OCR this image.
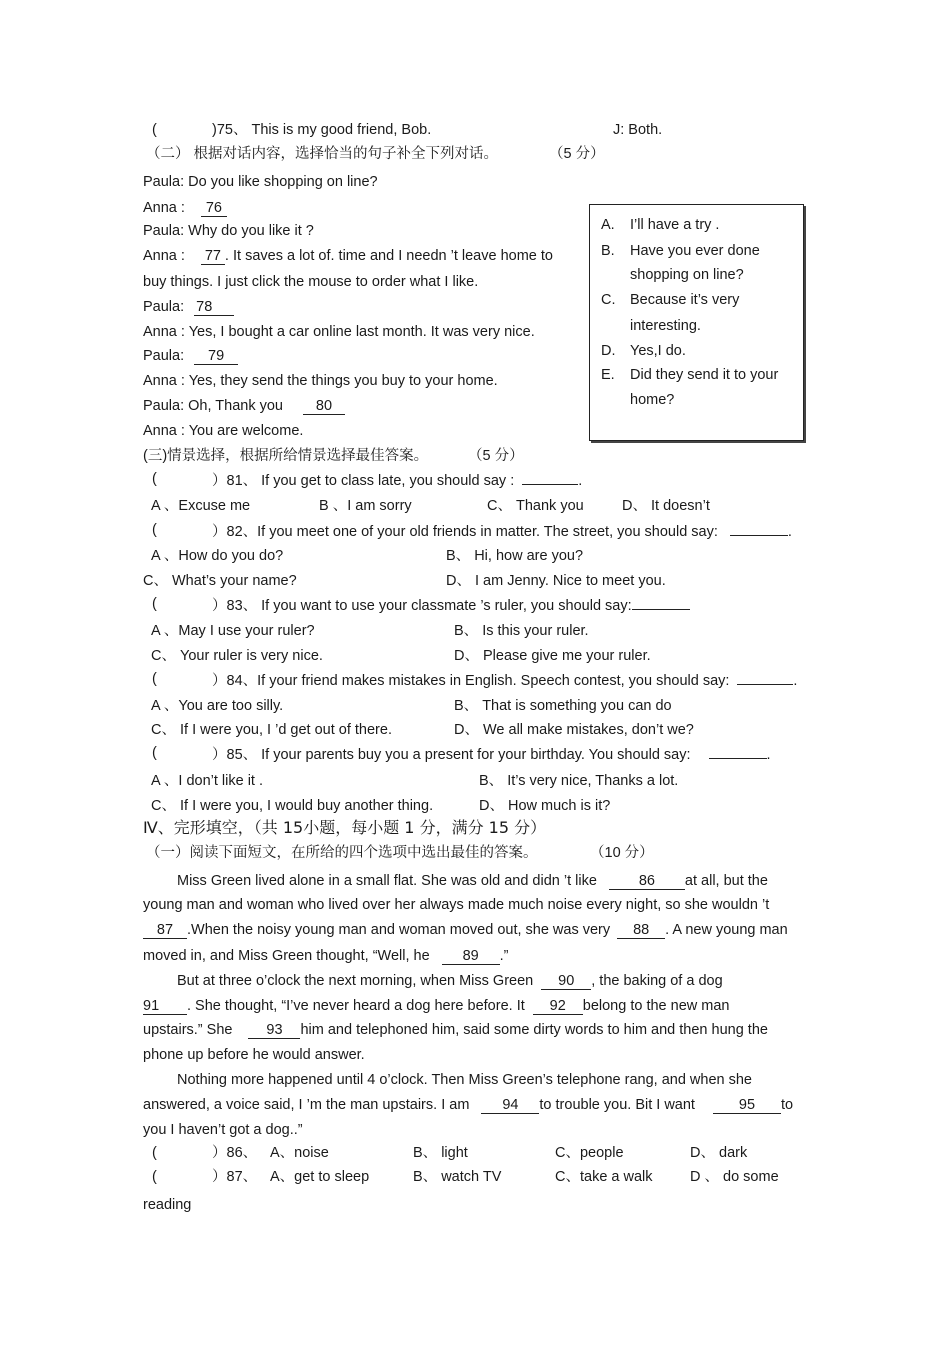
(	)75、 This is my good friend, Bob.	J: Both.
（二） 根据对话内容，选择恰当的句子补全下列对话。	（5 分）
Paula: Do you like shopping on line?
Anna : 76
Paula: Why do you like it ?
Anna : 77 . It saves a lot of. time and I needn ’t leave home to
buy things. I just click the mouse to order what I like.
Paula: 78
Anna : Yes, I bought a car online last month. It was very nice.
Paula: 79
Anna : Yes, they send the things you buy to your home.
Paula: Oh, Thank you 80
Anna : You are welcome.
A. I’ll have a try .
B. Have you ever done
shopping on line?
C. Because it’s very
interesting.
D. Yes,I do.
E. Did they send it to your
home?
(三)情景选择，根据所给情景选择最佳答案。	（5 分）
(	）81、 If you get to class late, you should say :	.
A 、Excuse me	B 、I am sorry	C、 Thank you	D、 It doesn’t
(	）82、If you meet one of your old friends in matter. The street, you should say:	.
A 、How do you do?	B、 Hi, how are you?
C、 What’s your name?	D、 I am Jenny. Nice to meet you.
(	）83、 If you want to use your classmate ’s ruler, you should say:
A 、May I use your ruler?	B、 Is this your ruler.
C、 Your ruler is very nice.	D、 Please give me your ruler.
(	）84、If your friend makes mistakes in English. Speech contest, you should say:	.
A 、You are too silly.	B、 That is something you can do
C、 If I were you, I ’d get out of there.	D、 We all make mistakes, don’t we?
(	）85、 If your parents buy you a present for your birthday. You should say:	.
A 、I don’t like it .	B、 It’s very nice, Thanks a lot.
C、 If I were you, I would buy another thing.	D、 How much is it?
Ⅳ、完形填空，（共 15小题，每小题 1 分，满分 15 分）
（一）阅读下面短文，在所给的四个选项中选出最佳的答案。	（10 分）
Miss Green lived alone in a small flat. She was old and didn ’t like	86 at all, but the
young man and woman who lived over her always made much noise every night, so she wouldn ’t
87 .When the noisy young man and woman moved out, she was very 88 . A new young man
moved in, and Miss Green thought, “Well, he 89 .”
But at three o’clock the next morning, when Miss Green 90 , the baking of a dog
91 . She thought, “I’ve never heard a dog here before. It 92 belong to the new man
upstairs.” She 93 him and telephoned him, said some dirty words to him and then hung the
phone up before he would answer.
Nothing more happened until 4 o’clock. Then Miss Green’s telephone rang, and when she
answered, a voice said, I ’m the man upstairs. I am 94 to trouble you. Bit I want	95 to
you I haven’t got a dog..”
(	）86、 A、noise	B、 light	C、people	D、 dark
(	）87、 A、get to sleep	B、 watch TV	C、take a walk	D 、 do some
reading
